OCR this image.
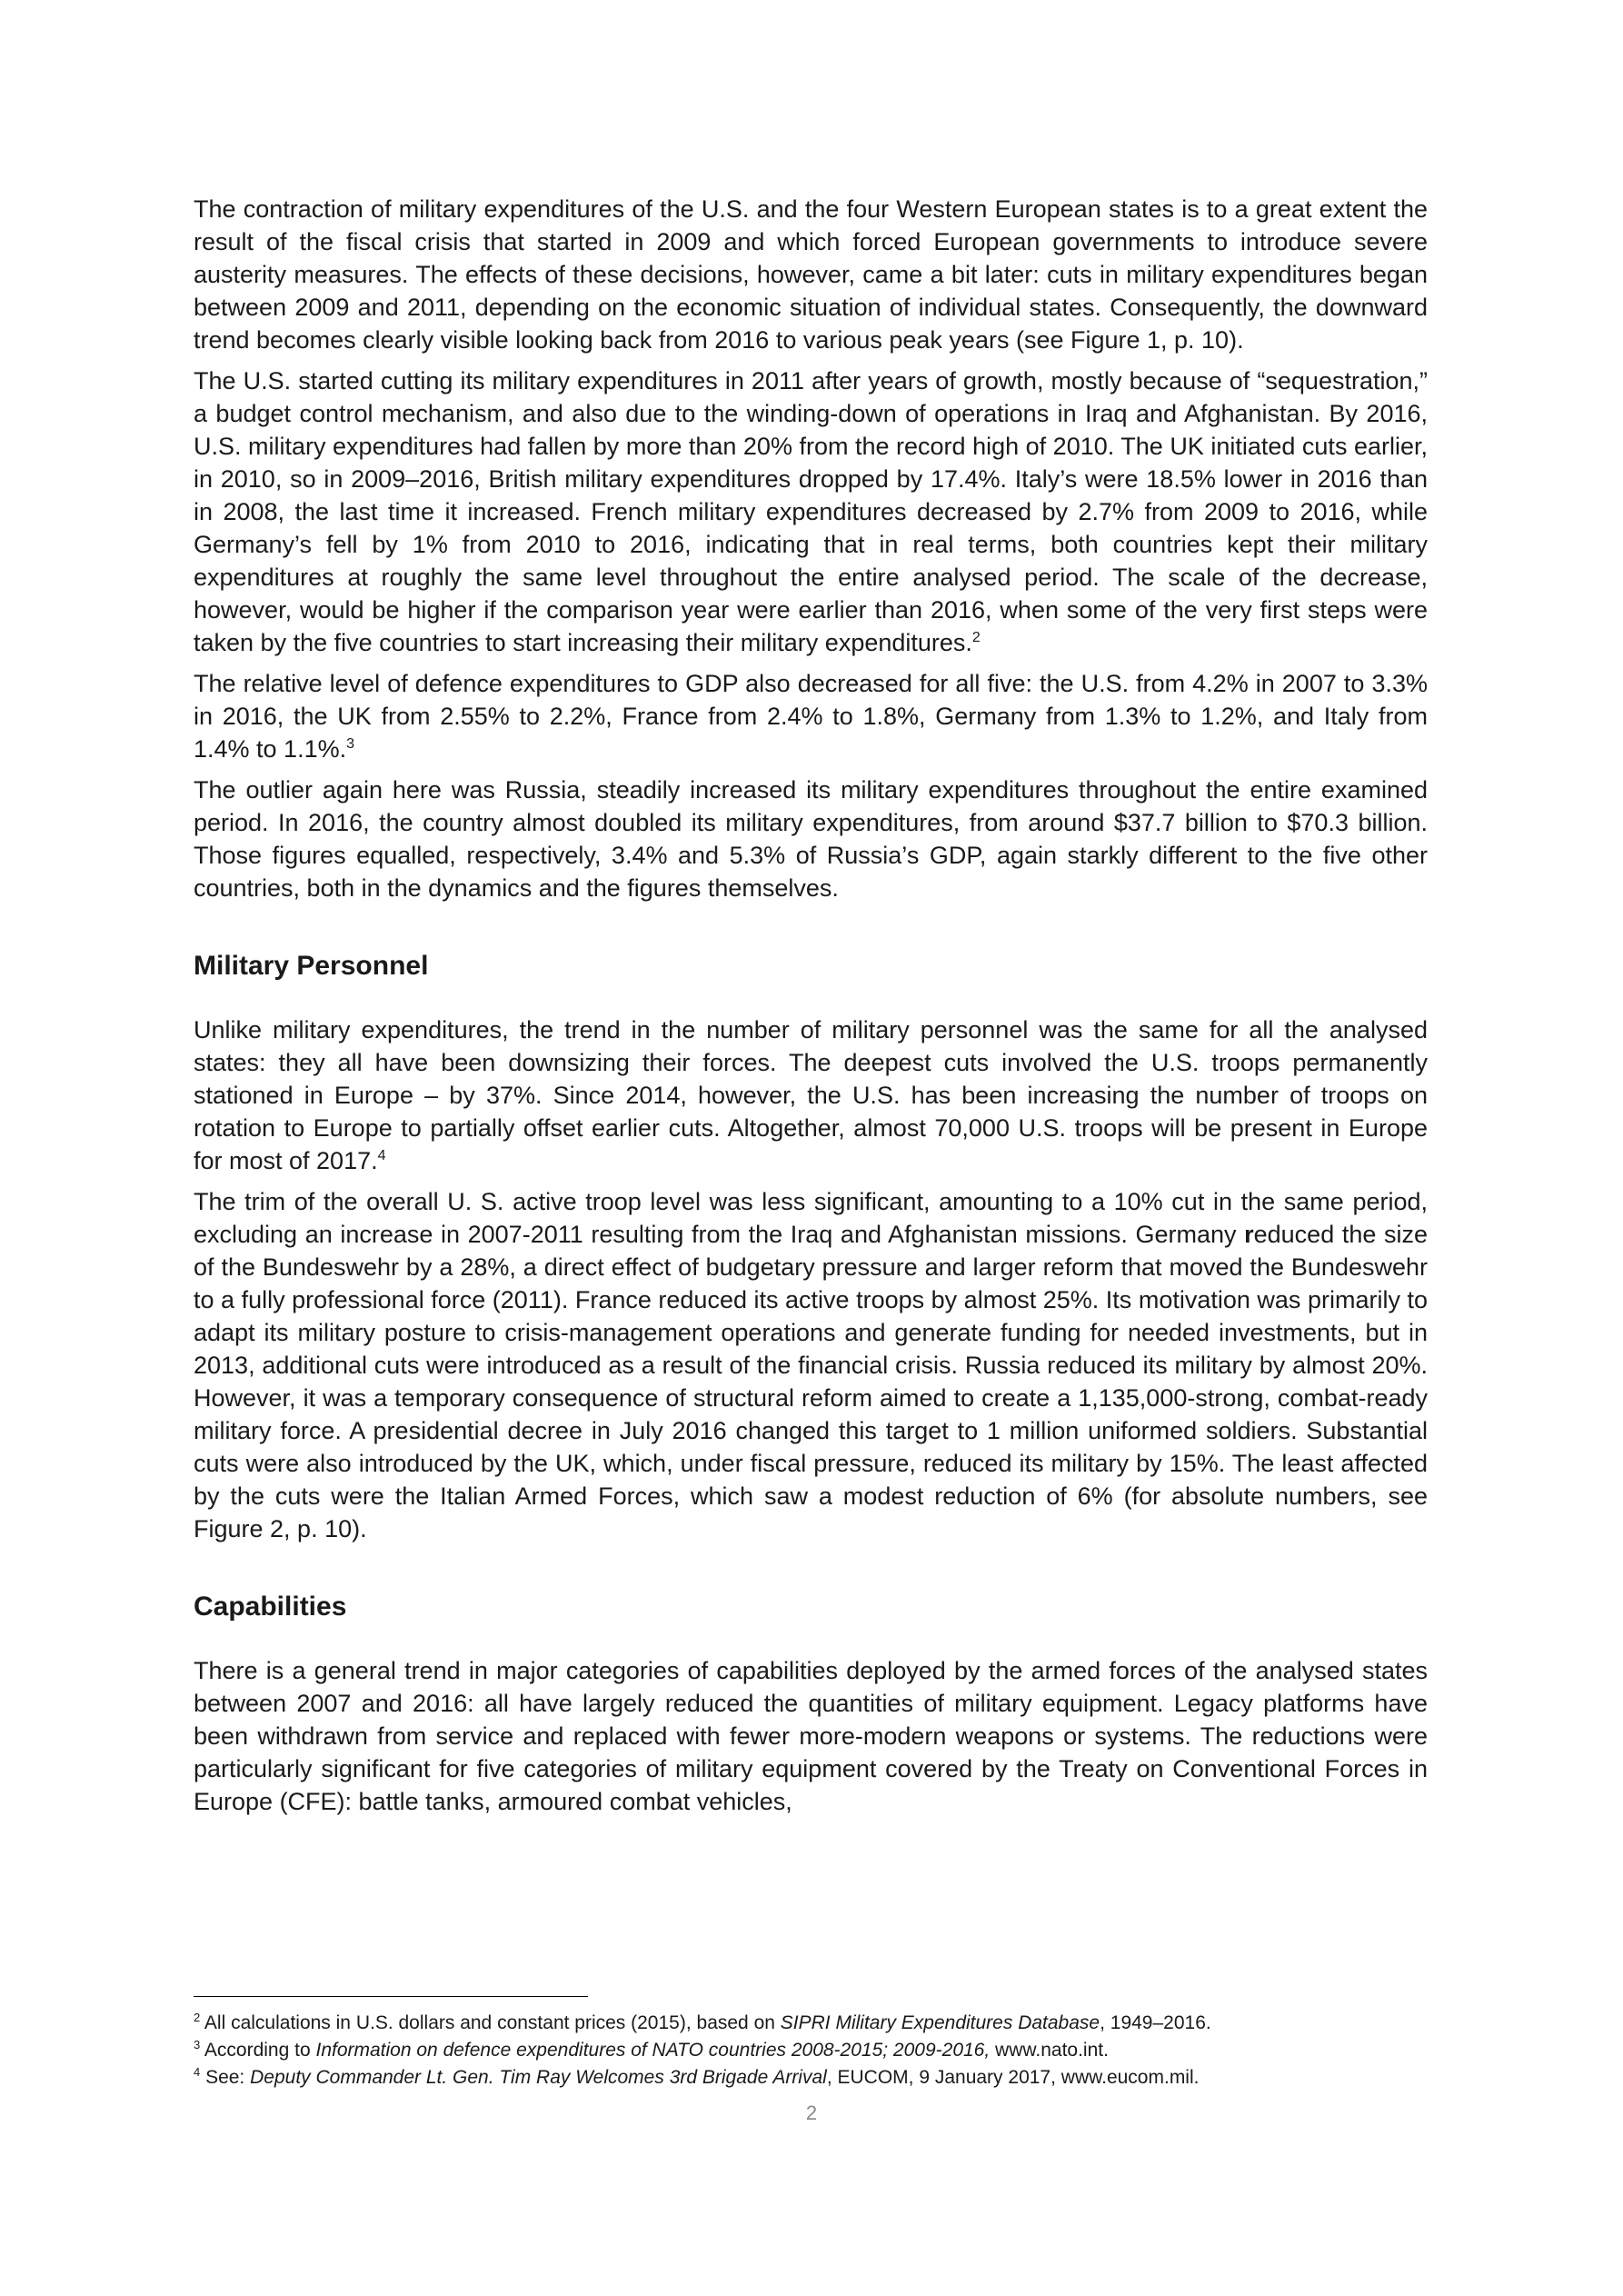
The contraction of military expenditures of the U.S. and the four Western European states is to a great extent the result of the fiscal crisis that started in 2009 and which forced European governments to introduce severe austerity measures. The effects of these decisions, however, came a bit later: cuts in military expenditures began between 2009 and 2011, depending on the economic situation of individual states. Consequently, the downward trend becomes clearly visible looking back from 2016 to various peak years (see Figure 1, p. 10).

The U.S. started cutting its military expenditures in 2011 after years of growth, mostly because of “sequestration,” a budget control mechanism, and also due to the winding-down of operations in Iraq and Afghanistan. By 2016, U.S. military expenditures had fallen by more than 20% from the record high of 2010. The UK initiated cuts earlier, in 2010, so in 2009–2016, British military expenditures dropped by 17.4%. Italy’s were 18.5% lower in 2016 than in 2008, the last time it increased. French military expenditures decreased by 2.7% from 2009 to 2016, while Germany’s fell by 1% from 2010 to 2016, indicating that in real terms, both countries kept their military expenditures at roughly the same level throughout the entire analysed period. The scale of the decrease, however, would be higher if the comparison year were earlier than 2016, when some of the very first steps were taken by the five countries to start increasing their military expenditures.$^2$

The relative level of defence expenditures to GDP also decreased for all five: the U.S. from 4.2% in 2007 to 3.3% in 2016, the UK from 2.55% to 2.2%, France from 2.4% to 1.8%, Germany from 1.3% to 1.2%, and Italy from 1.4% to 1.1%.$^3$

The outlier again here was Russia, steadily increased its military expenditures throughout the entire examined period. In 2016, the country almost doubled its military expenditures, from around $37.7 billion to $70.3 billion. Those figures equalled, respectively, 3.4% and 5.3% of Russia’s GDP, again starkly different to the five other countries, both in the dynamics and the figures themselves.

Military Personnel

Unlike military expenditures, the trend in the number of military personnel was the same for all the analysed states: they all have been downsizing their forces. The deepest cuts involved the U.S. troops permanently stationed in Europe – by 37%. Since 2014, however, the U.S. has been increasing the number of troops on rotation to Europe to partially offset earlier cuts. Altogether, almost 70,000 U.S. troops will be present in Europe for most of 2017.$^4$

The trim of the overall U. S. active troop level was less significant, amounting to a 10% cut in the same period, excluding an increase in 2007-2011 resulting from the Iraq and Afghanistan missions. Germany reduced the size of the Bundeswehr by a 28%, a direct effect of budgetary pressure and larger reform that moved the Bundeswehr to a fully professional force (2011). France reduced its active troops by almost 25%. Its motivation was primarily to adapt its military posture to crisis-management operations and generate funding for needed investments, but in 2013, additional cuts were introduced as a result of the financial crisis. Russia reduced its military by almost 20%. However, it was a temporary consequence of structural reform aimed to create a 1,135,000-strong, combat-ready military force. A presidential decree in July 2016 changed this target to 1 million uniformed soldiers. Substantial cuts were also introduced by the UK, which, under fiscal pressure, reduced its military by 15%. The least affected by the cuts were the Italian Armed Forces, which saw a modest reduction of 6% (for absolute numbers, see Figure 2, p. 10).

Capabilities

There is a general trend in major categories of capabilities deployed by the armed forces of the analysed states between 2007 and 2016: all have largely reduced the quantities of military equipment. Legacy platforms have been withdrawn from service and replaced with fewer more-modern weapons or systems. The reductions were particularly significant for five categories of military equipment covered by the Treaty on Conventional Forces in Europe (CFE): battle tanks, armoured combat vehicles,

$^2$ All calculations in U.S. dollars and constant prices (2015), based on SIPRI Military Expenditures Database, 1949–2016.

$^3$ According to Information on defence expenditures of NATO countries 2008-2015; 2009-2016, www.nato.int.

$^4$ See: Deputy Commander Lt. Gen. Tim Ray Welcomes 3rd Brigade Arrival, EUCOM, 9 January 2017, www.eucom.mil.

2
